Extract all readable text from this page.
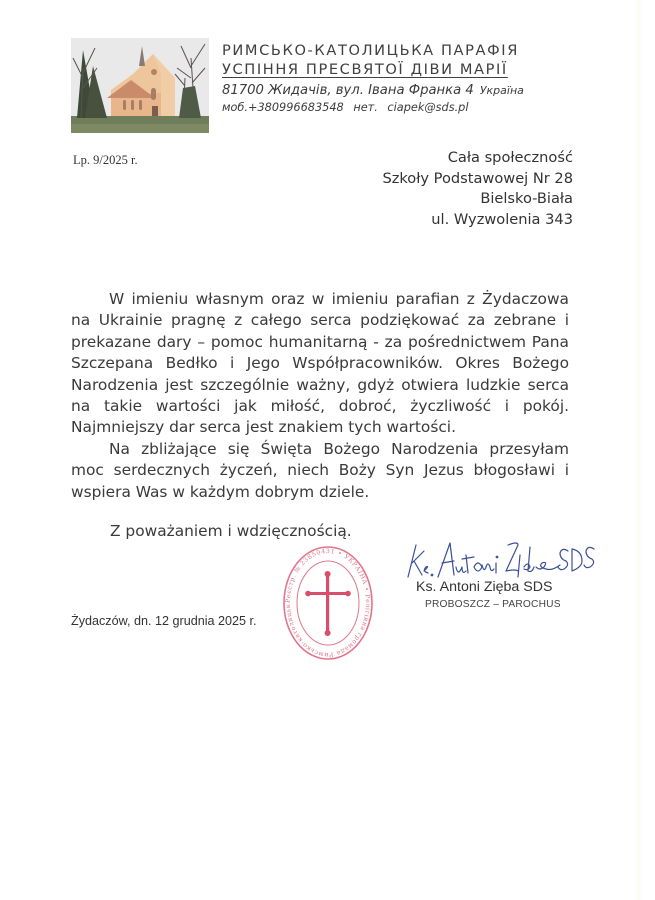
РИМСЬКО-КАТОЛИЦЬКА ПАРАФІЯ
УСПІННЯ ПРЕСВЯТОЇ ДІВИ МАРІЇ
81700 Жидачів, вул. Івана Франка 4 Україна
моб.+380996683548 нет. ciapek@sds.pl
Lp. 9/2025 r.	Cała społeczność
Szkoły Podstawowej Nr 28
Bielsko-Biała
ul. Wyzwolenia 343

W imieniu własnym oraz w imieniu parafian z Żydaczowa na Ukrainie pragnę z całego serca podziękować za zebrane i prekazane dary – pomoc humanitarną - za pośrednictwem Pana Szczepana Bedłko i Jego Współpracowników. Okres Bożego Narodzenia jest szczególnie ważny, gdyż otwiera ludzkie serca na takie wartości jak miłość, dobroć, życzliwość i pokój. Najmniejszy dar serca jest znakiem tych wartości.

Na zbliżające się Święta Bożego Narodzenia przesyłam moc serdecznych życzeń, niech Boży Syn Jezus błogosławi i wspiera Was w każdym dobrym dziele.

Z poważaniem i wdzięcznością.
Реєстр. № 23850431 • УКРАЇНА • Релігійна громада Римсько-католицьк
Ks. Antoni Zięba SDS
PROBOSZCZ – PAROCHUS
Żydaczów, dn. 12 grudnia 2025 r.
